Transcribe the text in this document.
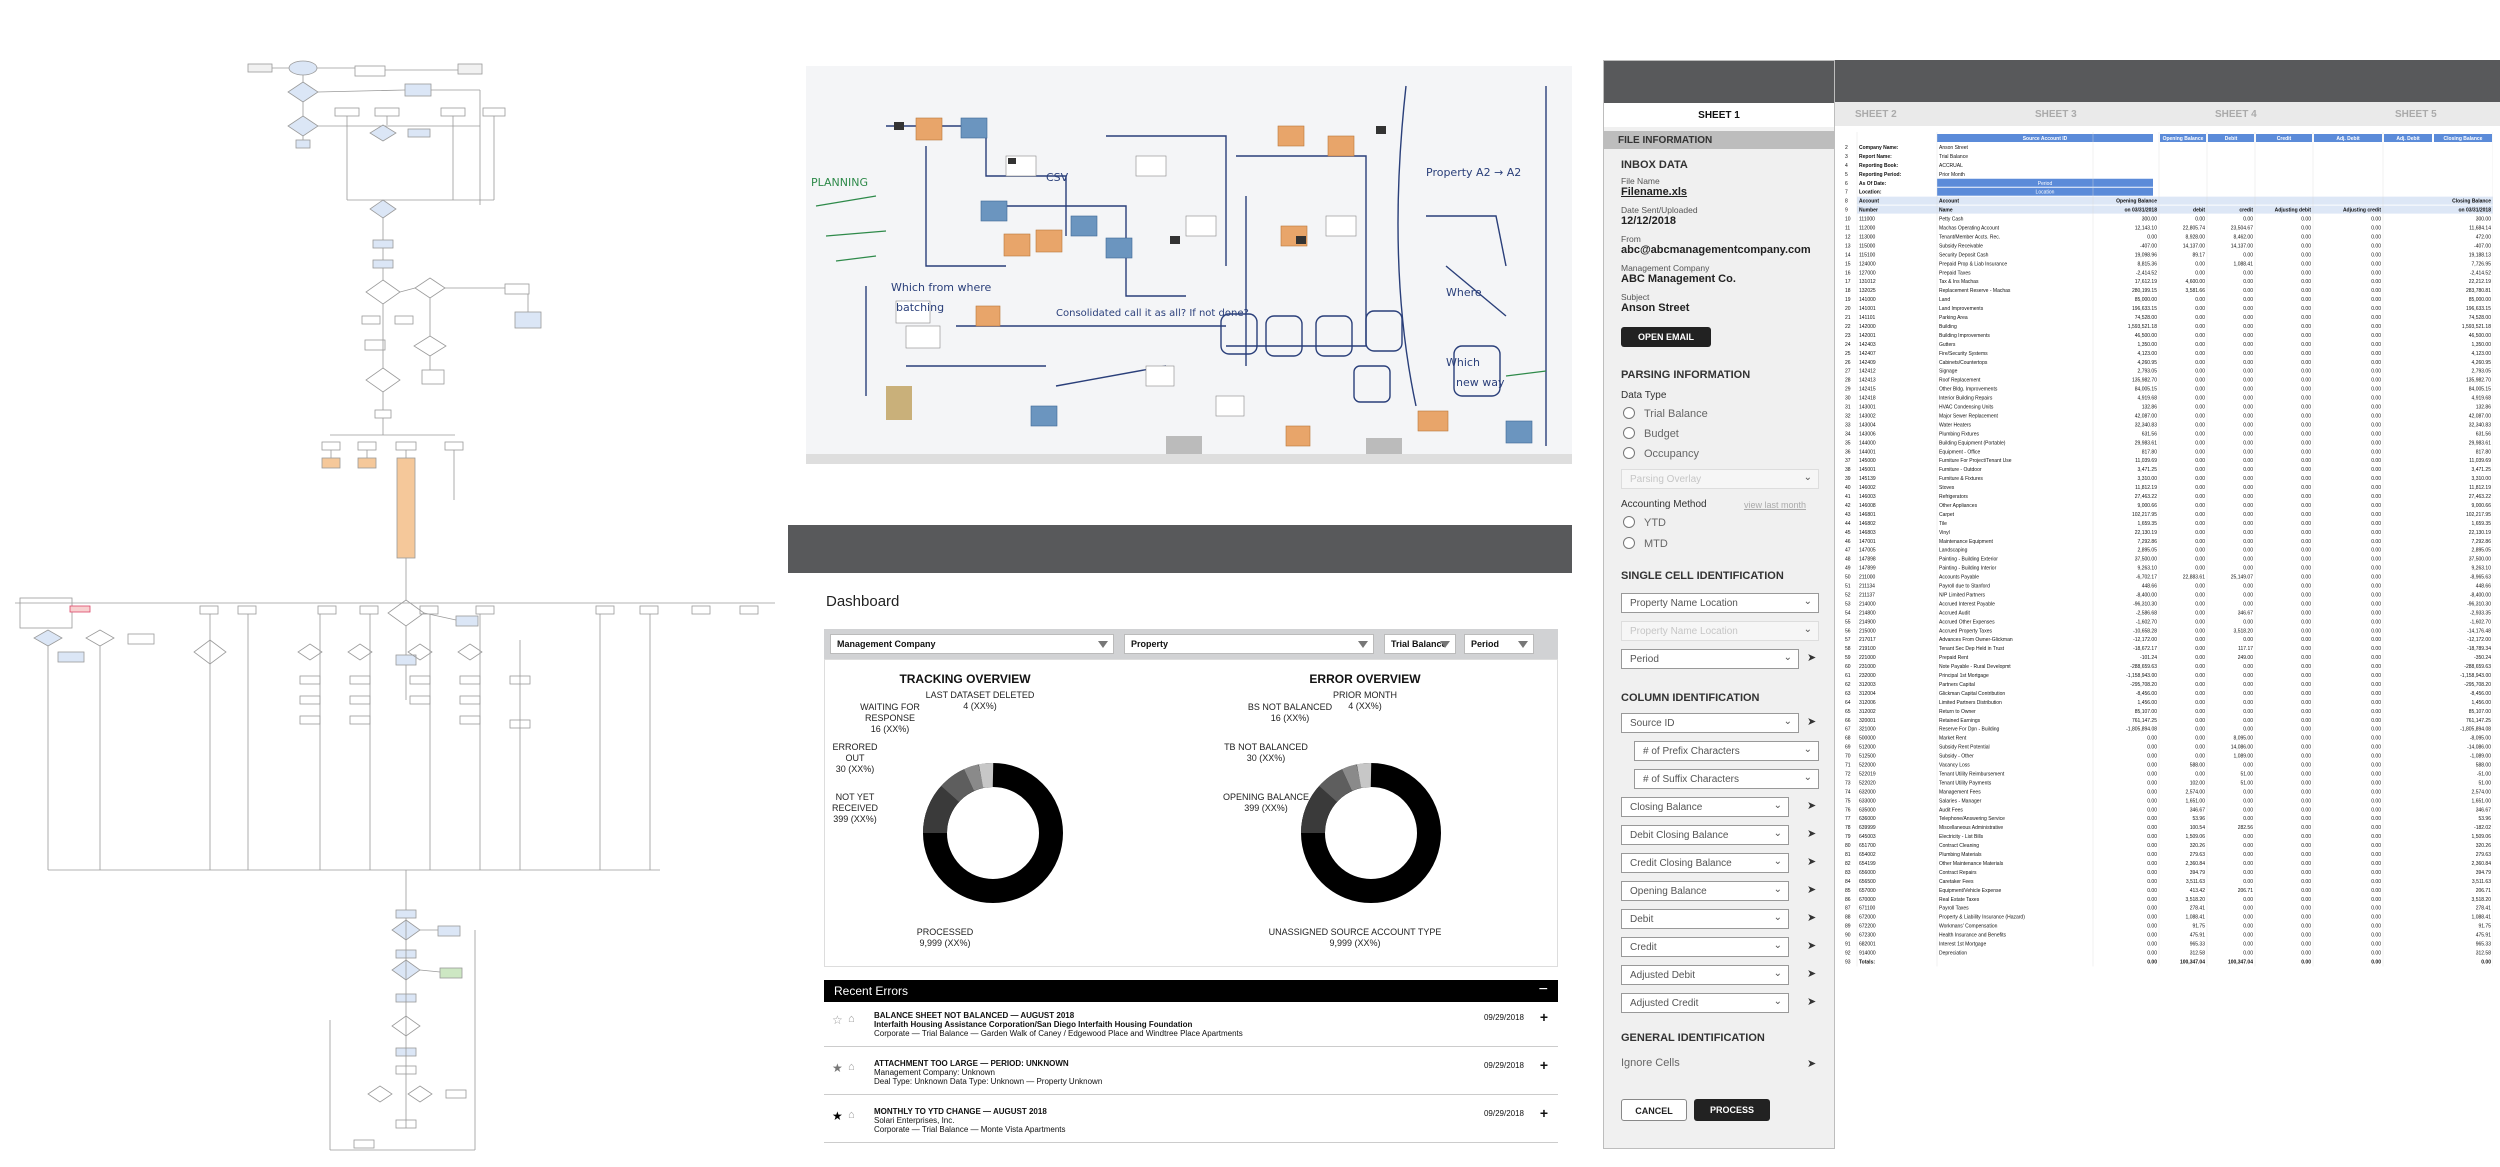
Which from where
batching
CSV	Property A2 → A2
Where
Which
new way
Consolidated call it as all? If not done?
PLANNING
Dashboard
Management Company	Property	Trial Balance	Period
TRACKING OVERVIEW
LAST DATASET DELETED
4 (XX%)
WAITING FOR RESPONSE
16 (XX%)
ERRORED OUT
30 (XX%)
NOT YET RECEIVED
399 (XX%)
PROCESSED
9,999 (XX%)
ERROR OVERVIEW
PRIOR MONTH
4 (XX%)
BS NOT BALANCED
16 (XX%)
TB NOT BALANCED
30 (XX%)
OPENING BALANCE
399 (XX%)
UNASSIGNED SOURCE ACCOUNT TYPE
9,999 (XX%)
Recent Errors	−
☆ ⌂ BALANCE SHEET NOT BALANCED — AUGUST 2018
Interfaith Housing Assistance Corporation/San Diego Interfaith Housing Foundation
Corporate — Trial Balance — Garden Walk of Caney / Edgewood Place and Windtree Place Apartments
09/29/2018 +
★ ⌂ ATTACHMENT TOO LARGE — PERIOD: UNKNOWN
Management Company: Unknown
Deal Type: Unknown Data Type: Unknown — Property Unknown
09/29/2018 +
★ ⌂ MONTHLY TO YTD CHANGE — AUGUST 2018
Solari Enterprises, Inc.
Corporate — Trial Balance — Monte Vista Apartments
09/29/2018 +
SHEET 1
FILE INFORMATION
INBOX DATA
File Name
Filename.xls
Date Sent/Uploaded
12/12/2018
From
abc@abcmanagementcompany.com
Management Company
ABC Management Co.
Subject
Anson Street
OPEN EMAIL
PARSING INFORMATION
Data Type
Trial Balance
Budget
Occupancy
Parsing Overlay	⌄
Accounting Method	view last month
YTD
MTD
SINGLE CELL IDENTIFICATION
Property Name Location	⌄
Property Name Location	⌄
Period	⌄ ➤
COLUMN IDENTIFICATION
Source ID	⌄ ➤
# of Prefix Characters	⌄
# of Suffix Characters	⌄
Closing Balance	⌄ ➤
Debit Closing Balance	⌄ ➤
Credit Closing Balance	⌄ ➤
Opening Balance	⌄ ➤
Debit	⌄ ➤
Credit	⌄ ➤
Adjusted Debit	⌄ ➤
Adjusted Credit	⌄ ➤
GENERAL IDENTIFICATION
Ignore Cells	➤
CANCEL	PROCESS
SHEET 2	SHEET 3	SHEET 4	SHEET 5
Source Account ID	Opening Balance	Debit	Credit	Adj. Debit	Adj. Debit	Closing Balance
2 Company Name:	Anson Street
3 Report Name:	Trial Balance
4 Reporting Book:	ACCRUAL
5 Reporting Period:	Prior Month
6 As Of Date:	Period
7 Location:	Location
8 Account	Account	Opening Balance	Closing Balance
9 Number	Name	on 03/31/2018	debit	credit	Adjusting debit	Adjusting credit	on 03/31/2018
10 111000	Petty Cash	300.00	0.00	0.00	0.00	0.00	300.00
11 112000	Machas Operating Account	12,143.10	22,805.74	23,504.67	0.00	0.00	11,684.14
12 113000	Tenant/Member Accts. Rec.	0.00	8,928.00	8,462.00	0.00	0.00	472.00
13 115000	Subsidy Receivable	-407.00	14,137.00	14,137.00	0.00	0.00	-407.00
14 115100	Security Deposit Cash	19,098.96	89.17	0.00	0.00	0.00	19,188.13
15 124000	Prepaid Prop & Liab Insurance	8,815.36	0.00	1,088.41	0.00	0.00	7,726.95
16 127000	Prepaid Taxes	-2,414.52	0.00	0.00	0.00	0.00	-2,414.52
17 131012	Tax & Ins Machas	17,612.19	4,600.00	0.00	0.00	0.00	22,212.19
18 132025	Replacement Reserve - Machas	280,199.15	3,581.66	0.00	0.00	0.00	283,780.81
19 141000	Land	85,000.00	0.00	0.00	0.00	0.00	85,000.00
20 141001	Land Improvements	196,633.15	0.00	0.00	0.00	0.00	196,633.15
21 141101	Parking Area	74,528.00	0.00	0.00	0.00	0.00	74,528.00
22 142000	Building	1,593,521.18	0.00	0.00	0.00	0.00	1,593,521.18
23 142001	Building Improvements	46,500.00	0.00	0.00	0.00	0.00	46,500.00
24 142403	Gutters	1,350.00	0.00	0.00	0.00	0.00	1,350.00
25 142407	Fire/Security Systems	4,123.00	0.00	0.00	0.00	0.00	4,123.00
26 142409	Cabinets/Countertops	4,260.95	0.00	0.00	0.00	0.00	4,260.95
27 142412	Signage	2,793.05	0.00	0.00	0.00	0.00	2,793.05
28 142413	Roof Replacement	135,982.70	0.00	0.00	0.00	0.00	135,982.70
29 142415	Other Bldg. Improvements	84,005.15	0.00	0.00	0.00	0.00	84,005.15
30 142418	Interior Building Repairs	4,919.68	0.00	0.00	0.00	0.00	4,919.68
31 143001	HVAC Condensing Units	132.86	0.00	0.00	0.00	0.00	132.86
32 143002	Major Sewer Replacement	42,087.00	0.00	0.00	0.00	0.00	42,087.00
33 143004	Water Heaters	32,340.83	0.00	0.00	0.00	0.00	32,340.83
34 143006	Plumbing Fixtures	631.56	0.00	0.00	0.00	0.00	631.56
35 144000	Building Equipment (Portable)	29,983.61	0.00	0.00	0.00	0.00	29,983.61
36 144001	Equipment - Office	817.80	0.00	0.00	0.00	0.00	817.80
37 145000	Furniture For Project/Tenant Use	11,039.69	0.00	0.00	0.00	0.00	11,039.69
38 145001	Furniture - Outdoor	3,471.25	0.00	0.00	0.00	0.00	3,471.25
39 145139	Furniture & Fixtures	3,310.00	0.00	0.00	0.00	0.00	3,310.00
40 146002	Stoves	11,812.19	0.00	0.00	0.00	0.00	11,812.19
41 146003	Refrigerators	27,463.22	0.00	0.00	0.00	0.00	27,463.22
42 146008	Other Appliances	9,000.66	0.00	0.00	0.00	0.00	9,000.66
43 146801	Carpet	102,217.95	0.00	0.00	0.00	0.00	102,217.95
44 146802	Tile	1,659.35	0.00	0.00	0.00	0.00	1,659.35
45 146803	Vinyl	22,130.19	0.00	0.00	0.00	0.00	22,130.19
46 147001	Maintenance Equipment	7,292.86	0.00	0.00	0.00	0.00	7,292.86
47 147005	Landscaping	2,895.05	0.00	0.00	0.00	0.00	2,895.05
48 147898	Painting - Building Exterior	37,500.00	0.00	0.00	0.00	0.00	37,500.00
49 147899	Painting - Building Interior	9,263.10	0.00	0.00	0.00	0.00	9,263.10
50 211000	Accounts Payable	-6,702.17	22,883.61	25,149.07	0.00	0.00	-8,965.63
51 211134	Payroll due to Stanford	448.66	0.00	0.00	0.00	0.00	448.66
52 211137	N/P Limited Partners	-8,400.00	0.00	0.00	0.00	0.00	-8,400.00
53 214000	Accrued Interest Payable	-96,310.30	0.00	0.00	0.00	0.00	-96,310.30
54 214800	Accrued Audit	-2,586.68	0.00	346.67	0.00	0.00	-2,933.35
55 214900	Accrued Other Expenses	-1,602.70	0.00	0.00	0.00	0.00	-1,602.70
56 215000	Accrued Property Taxes	-10,658.28	0.00	3,518.20	0.00	0.00	-14,176.48
57 217017	Advances From Owner-Glickman	-12,172.00	0.00	0.00	0.00	0.00	-12,172.00
58 219100	Tenant Sec Dep Held in Trust	-18,672.17	0.00	117.17	0.00	0.00	-18,789.34
59 221000	Prepaid Rent	-101.24	0.00	249.00	0.00	0.00	-350.24
60 231000	Note Payable - Rural Developmt	-288,659.63	0.00	0.00	0.00	0.00	-288,659.63
61 232000	Principal 1st Mortgage	-1,158,943.00	0.00	0.00	0.00	0.00	-1,158,943.00
62 312003	Partners Capital	-295,708.20	0.00	0.00	0.00	0.00	-295,708.20
63 312004	Glickman Capital Contribution	-8,456.00	0.00	0.00	0.00	0.00	-8,456.00
64 312006	Limited Partners Distribution	1,456.00	0.00	0.00	0.00	0.00	1,456.00
65 312002	Return to Owner	85,107.00	0.00	0.00	0.00	0.00	85,107.00
66 320001	Retained Earnings	761,147.25	0.00	0.00	0.00	0.00	761,147.25
67 321000	Reserve For Dpn - Building	-1,805,894.08	0.00	0.00	0.00	0.00	-1,805,894.08
68 500000	Market Rent	0.00	0.00	8,095.00	0.00	0.00	-8,095.00
69 512000	Subsidy Rent Potential	0.00	0.00	14,086.00	0.00	0.00	-14,086.00
70 512500	Subsidy - Other	0.00	0.00	1,089.00	0.00	0.00	-1,089.00
71 522000	Vacancy Loss	0.00	588.00	0.00	0.00	0.00	588.00
72 522019	Tenant Utility Reimbursement	0.00	0.00	51.00	0.00	0.00	-51.00
73 522020	Tenant Utility Payments	0.00	102.00	51.00	0.00	0.00	51.00
74 632000	Management Fees	0.00	2,574.00	0.00	0.00	0.00	2,574.00
75 633000	Salaries - Manager	0.00	1,651.00	0.00	0.00	0.00	1,651.00
76 635000	Audit Fees	0.00	346.67	0.00	0.00	0.00	346.67
77 636000	Telephone/Answering Service	0.00	53.96	0.00	0.00	0.00	53.96
78 639999	Miscellaneous Administrative	0.00	100.54	282.56	0.00	0.00	-182.02
79 645003	Electricity - List Bills	0.00	1,509.06	0.00	0.00	0.00	1,509.06
80 651700	Contract Cleaning	0.00	320.26	0.00	0.00	0.00	320.26
81 654002	Plumbing Materials	0.00	279.63	0.00	0.00	0.00	279.63
82 654199	Other Maintenance Materials	0.00	2,360.84	0.00	0.00	0.00	2,360.84
83 656000	Contract Repairs	0.00	394.79	0.00	0.00	0.00	394.79
84 656500	Caretaker Fees	0.00	3,511.63	0.00	0.00	0.00	3,511.63
85 657000	Equipment/Vehicle Expense	0.00	413.42	206.71	0.00	0.00	206.71
86 670000	Real Estate Taxes	0.00	3,518.20	0.00	0.00	0.00	3,518.20
87 671100	Payroll Taxes	0.00	278.41	0.00	0.00	0.00	278.41
88 672000	Property & Liability Insurance (Hazard)	0.00	1,088.41	0.00	0.00	0.00	1,088.41
89 672200	Workmans' Compensation	0.00	91.75	0.00	0.00	0.00	91.75
90 672300	Health Insurance and Benefits	0.00	475.91	0.00	0.00	0.00	475.91
91 682001	Interest 1st Mortgage	0.00	965.33	0.00	0.00	0.00	965.33
92 914000	Depreciation	0.00	312.58	0.00	0.00	0.00	312.58
93 Totals:	0.00	100,347.04	100,347.04	0.00	0.00	0.00
